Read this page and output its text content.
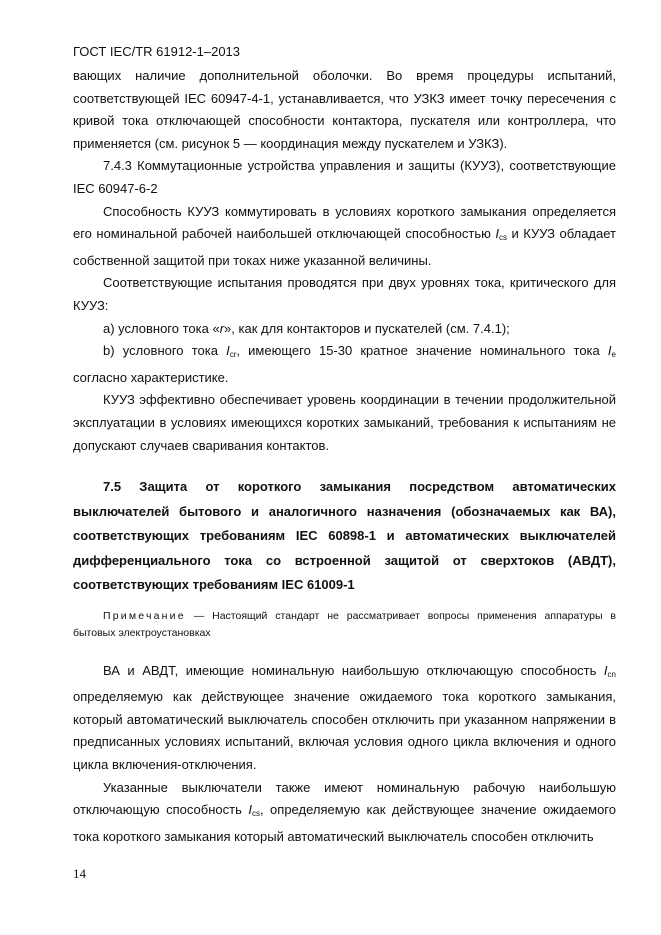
ГОСТ IEC/TR 61912-1–2013

вающих наличие дополнительной оболочки. Во время процедуры испытаний, соответствующей IEC 60947-4-1, устанавливается, что УЗКЗ имеет точку пересечения с кривой тока отключающей способности контактора, пускателя или контроллера, что применяется (см. рисунок 5 — координация между пускателем и УЗКЗ).

7.4.3 Коммутационные устройства управления и защиты (КУУЗ), соответствующие IEC 60947-6-2

Способность КУУЗ коммутировать в условиях короткого замыкания определяется его номинальной рабочей наибольшей отключающей способностью $I_{cs}$ и КУУЗ обладает собственной защитой при токах ниже указанной величины.

Соответствующие испытания проводятся при двух уровнях тока, критического для КУУЗ:

a) условного тока «r», как для контакторов и пускателей (см. 7.4.1);

b) условного тока $I_{cr}$, имеющего 15-30 кратное значение номинального тока $I_e$ согласно характеристике.

КУУЗ эффективно обеспечивает уровень координации в течении продолжительной эксплуатации в условиях имеющихся коротких замыканий, требования к испытаниям не допускают случаев сваривания контактов.

7.5 Защита от короткого замыкания посредством автоматических выключателей бытового и аналогичного назначения (обозначаемых как ВА), соответствующих требованиям IEC 60898-1 и автоматических выключателей дифференциального тока со встроенной защитой от сверхтоков (АВДТ), соответствующих требованиям IEC 61009-1

Примечание — Настоящий стандарт не рассматривает вопросы применения аппаратуры в бытовых электроустановках

ВА и АВДТ, имеющие номинальную наибольшую отключающую способность $I_{cn}$ определяемую как действующее значение ожидаемого тока короткого замыкания, который автоматический выключатель способен отключить при указанном напряжении в предписанных условиях испытаний, включая условия одного цикла включения и одного цикла включения-отключения.

Указанные выключатели также имеют номинальную рабочую наибольшую отключающую способность $I_{cs}$, определяемую как действующее значение ожидаемого тока короткого замыкания который автоматический выключатель способен отключить

14
